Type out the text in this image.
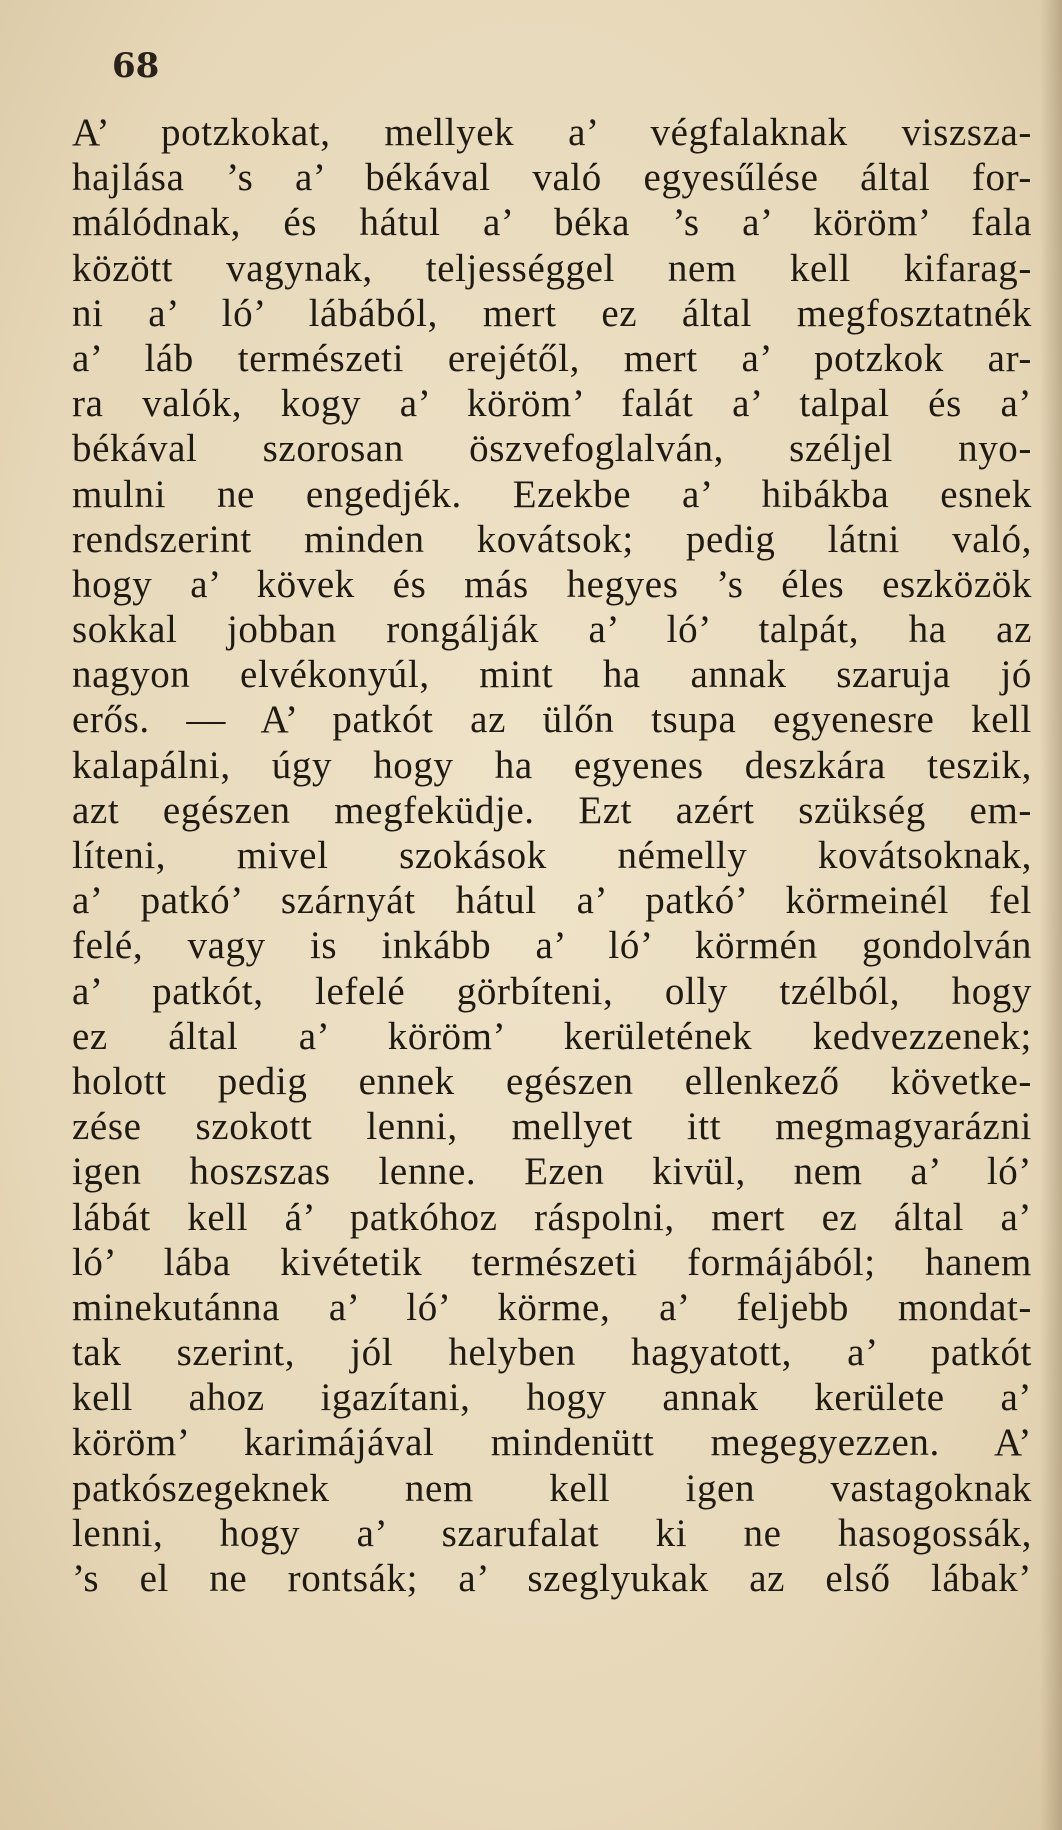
68
A’ potzkokat, mellyek a’ végfalaknak viszsza-
hajlása ’s a’ békával való egyesűlése által for-
málódnak, és hátul a’ béka ’s a’ köröm’ fala
között vagynak, teljességgel nem kell kifarag-
ni a’ ló’ lábából, mert ez által megfosztatnék
a’ láb természeti erejétől, mert a’ potzkok ar-
ra valók, kogy a’ köröm’ falát a’ talpal és a’
békával szorosan öszvefoglalván, széljel nyo-
mulni ne engedjék. Ezekbe a’ hibákba esnek
rendszerint minden kovátsok; pedig látni való,
hogy a’ kövek és más hegyes ’s éles eszközök
sokkal jobban rongálják a’ ló’ talpát, ha az
nagyon elvékonyúl, mint ha annak szaruja jó
erős. — A’ patkót az ülőn tsupa egyenesre kell
kalapálni, úgy hogy ha egyenes deszkára teszik,
azt egészen megfeküdje. Ezt azért szükség em-
líteni, mivel szokások némelly kovátsoknak,
a’ patkó’ szárnyát hátul a’ patkó’ körmeinél fel
felé, vagy is inkább a’ ló’ körmén gondolván
a’ patkót, lefelé görbíteni, olly tzélból, hogy
ez által a’ köröm’ kerületének kedvezzenek;
holott pedig ennek egészen ellenkező követke-
zése szokott lenni, mellyet itt megmagyarázni
igen hoszszas lenne. Ezen kivül, nem a’ ló’
lábát kell á’ patkóhoz ráspolni, mert ez által a’
ló’ lába kivétetik természeti formájából; hanem
minekutánna a’ ló’ körme, a’ feljebb mondat-
tak szerint, jól helyben hagyatott, a’ patkót
kell ahoz igazítani, hogy annak kerülete a’
köröm’ karimájával mindenütt megegyezzen. A’
patkószegeknek nem kell igen vastagoknak
lenni, hogy a’ szarufalat ki ne hasogossák,
’s el ne rontsák; a’ szeglyukak az első lábak’
